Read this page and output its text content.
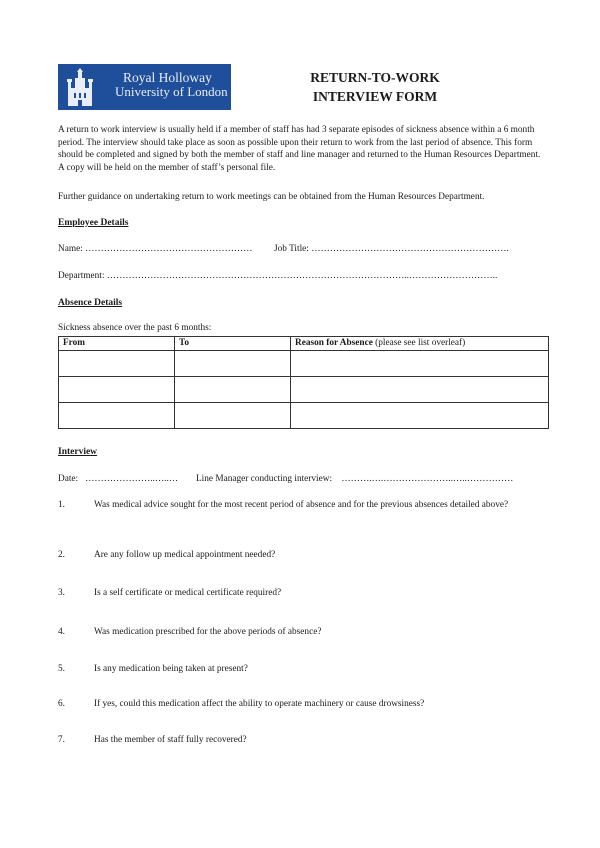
Royal Holloway
University of London
RETURN-TO-WORK
INTERVIEW FORM
A return to work interview is usually held if a member of staff has had 3 separate episodes of sickness absence within a 6 month period. The interview should take place as soon as possible upon their return to work from the last period of absence. This form should be completed and signed by both the member of staff and line manager and returned to the Human Resources Department. A copy will be held on the member of staff’s personal file.
Further guidance on undertaking return to work meetings can be obtained from the Human Resources Department.
Employee Details
Name: ……………………………………………… Job Title: ……………………………………………………….
Department: ……………………………………………………………………………………..………………………..
Absence Details
Sickness absence over the past 6 months:
From	To	Reason for Absence (please see list overleaf)

Interview
Date: …………………..…..… Line Manager conducting interview: ……….….…………………..…..……………
1.	Was medical advice sought for the most recent period of absence and for the previous absences detailed above?
2.	Are any follow up medical appointment needed?
3.	Is a self certificate or medical certificate required?
4.	Was medication prescribed for the above periods of absence?
5.	Is any medication being taken at present?
6.	If yes, could this medication affect the ability to operate machinery or cause drowsiness?
7.	Has the member of staff fully recovered?
